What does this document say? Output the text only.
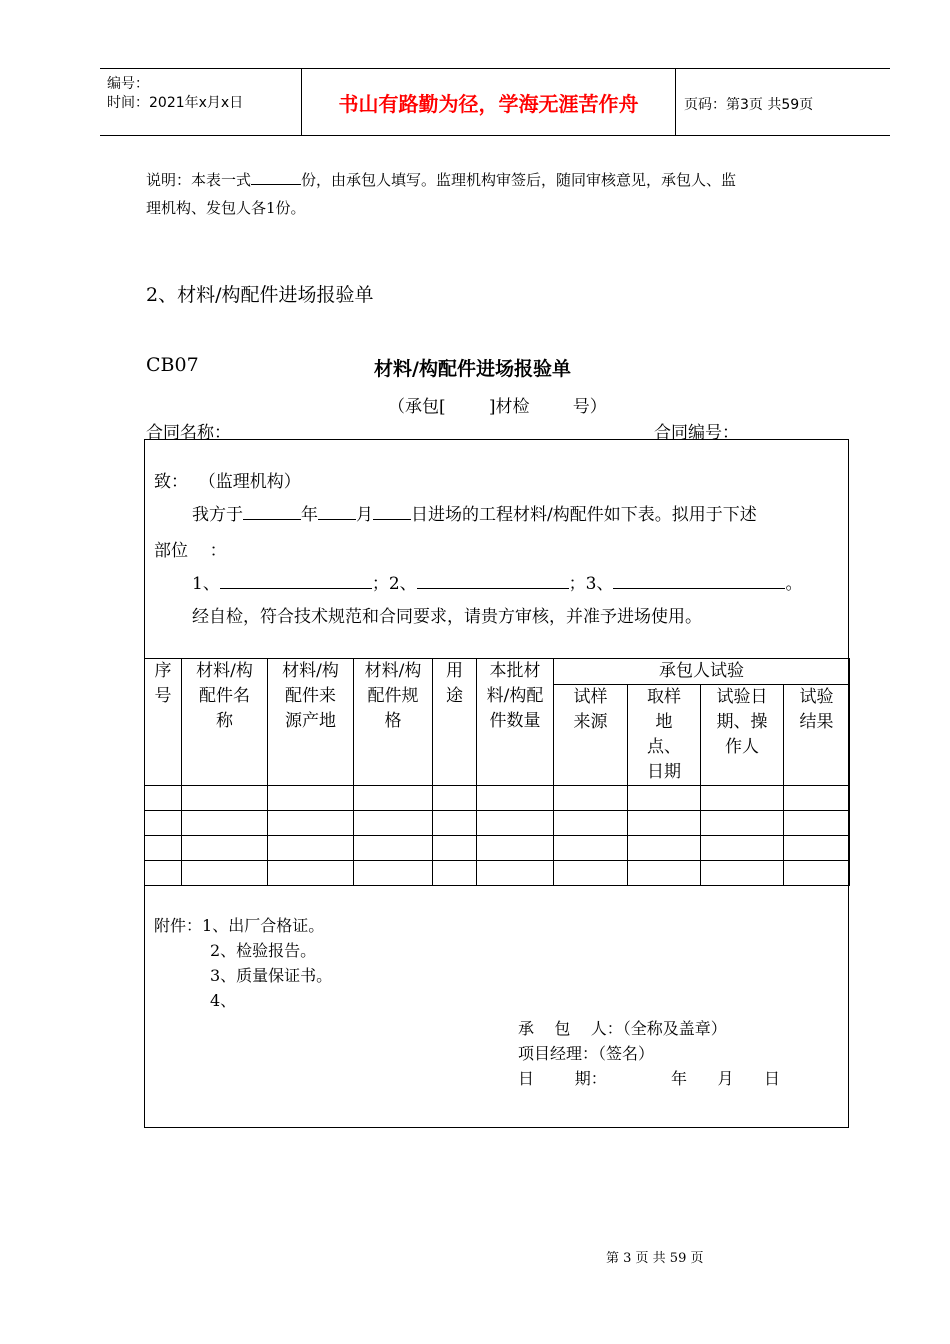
编号：
时间：2021年x月x日	书山有路勤为径，学海无涯苦作舟	页码：第3页 共59页
说明：本表一式	份，由承包人填写。监理机构审签后，随同审核意见，承包人、监
理机构、发包人各1份。
2、材料/构配件进场报验单
CB07	材料/构配件进场报验单
（承包[        ]材检        号）
合同名称：	合同编号：
致：  （监理机构）
我方于	年 月 日进场的工程材料/构配件如下表。拟用于下述
部位    ：
1、	；2、	；3、	。
经自检，符合技术规范和合同要求，请贵方审核，并准予进场使用。
序号	材料/构配件名称	材料/构配件来源产地	材料/构配件规格	用途	本批材料/构配件数量	承包人试验			

						试样来源	取样地点、日期	试验日期、操作人	试验结果

附件：1、出厂合格证。
2、检验报告。
3、质量保证书。
4、
承    包    人：（全称及盖章）
项目经理：（签名）
日        期：	年      月      日
第 3 页 共 59 页
